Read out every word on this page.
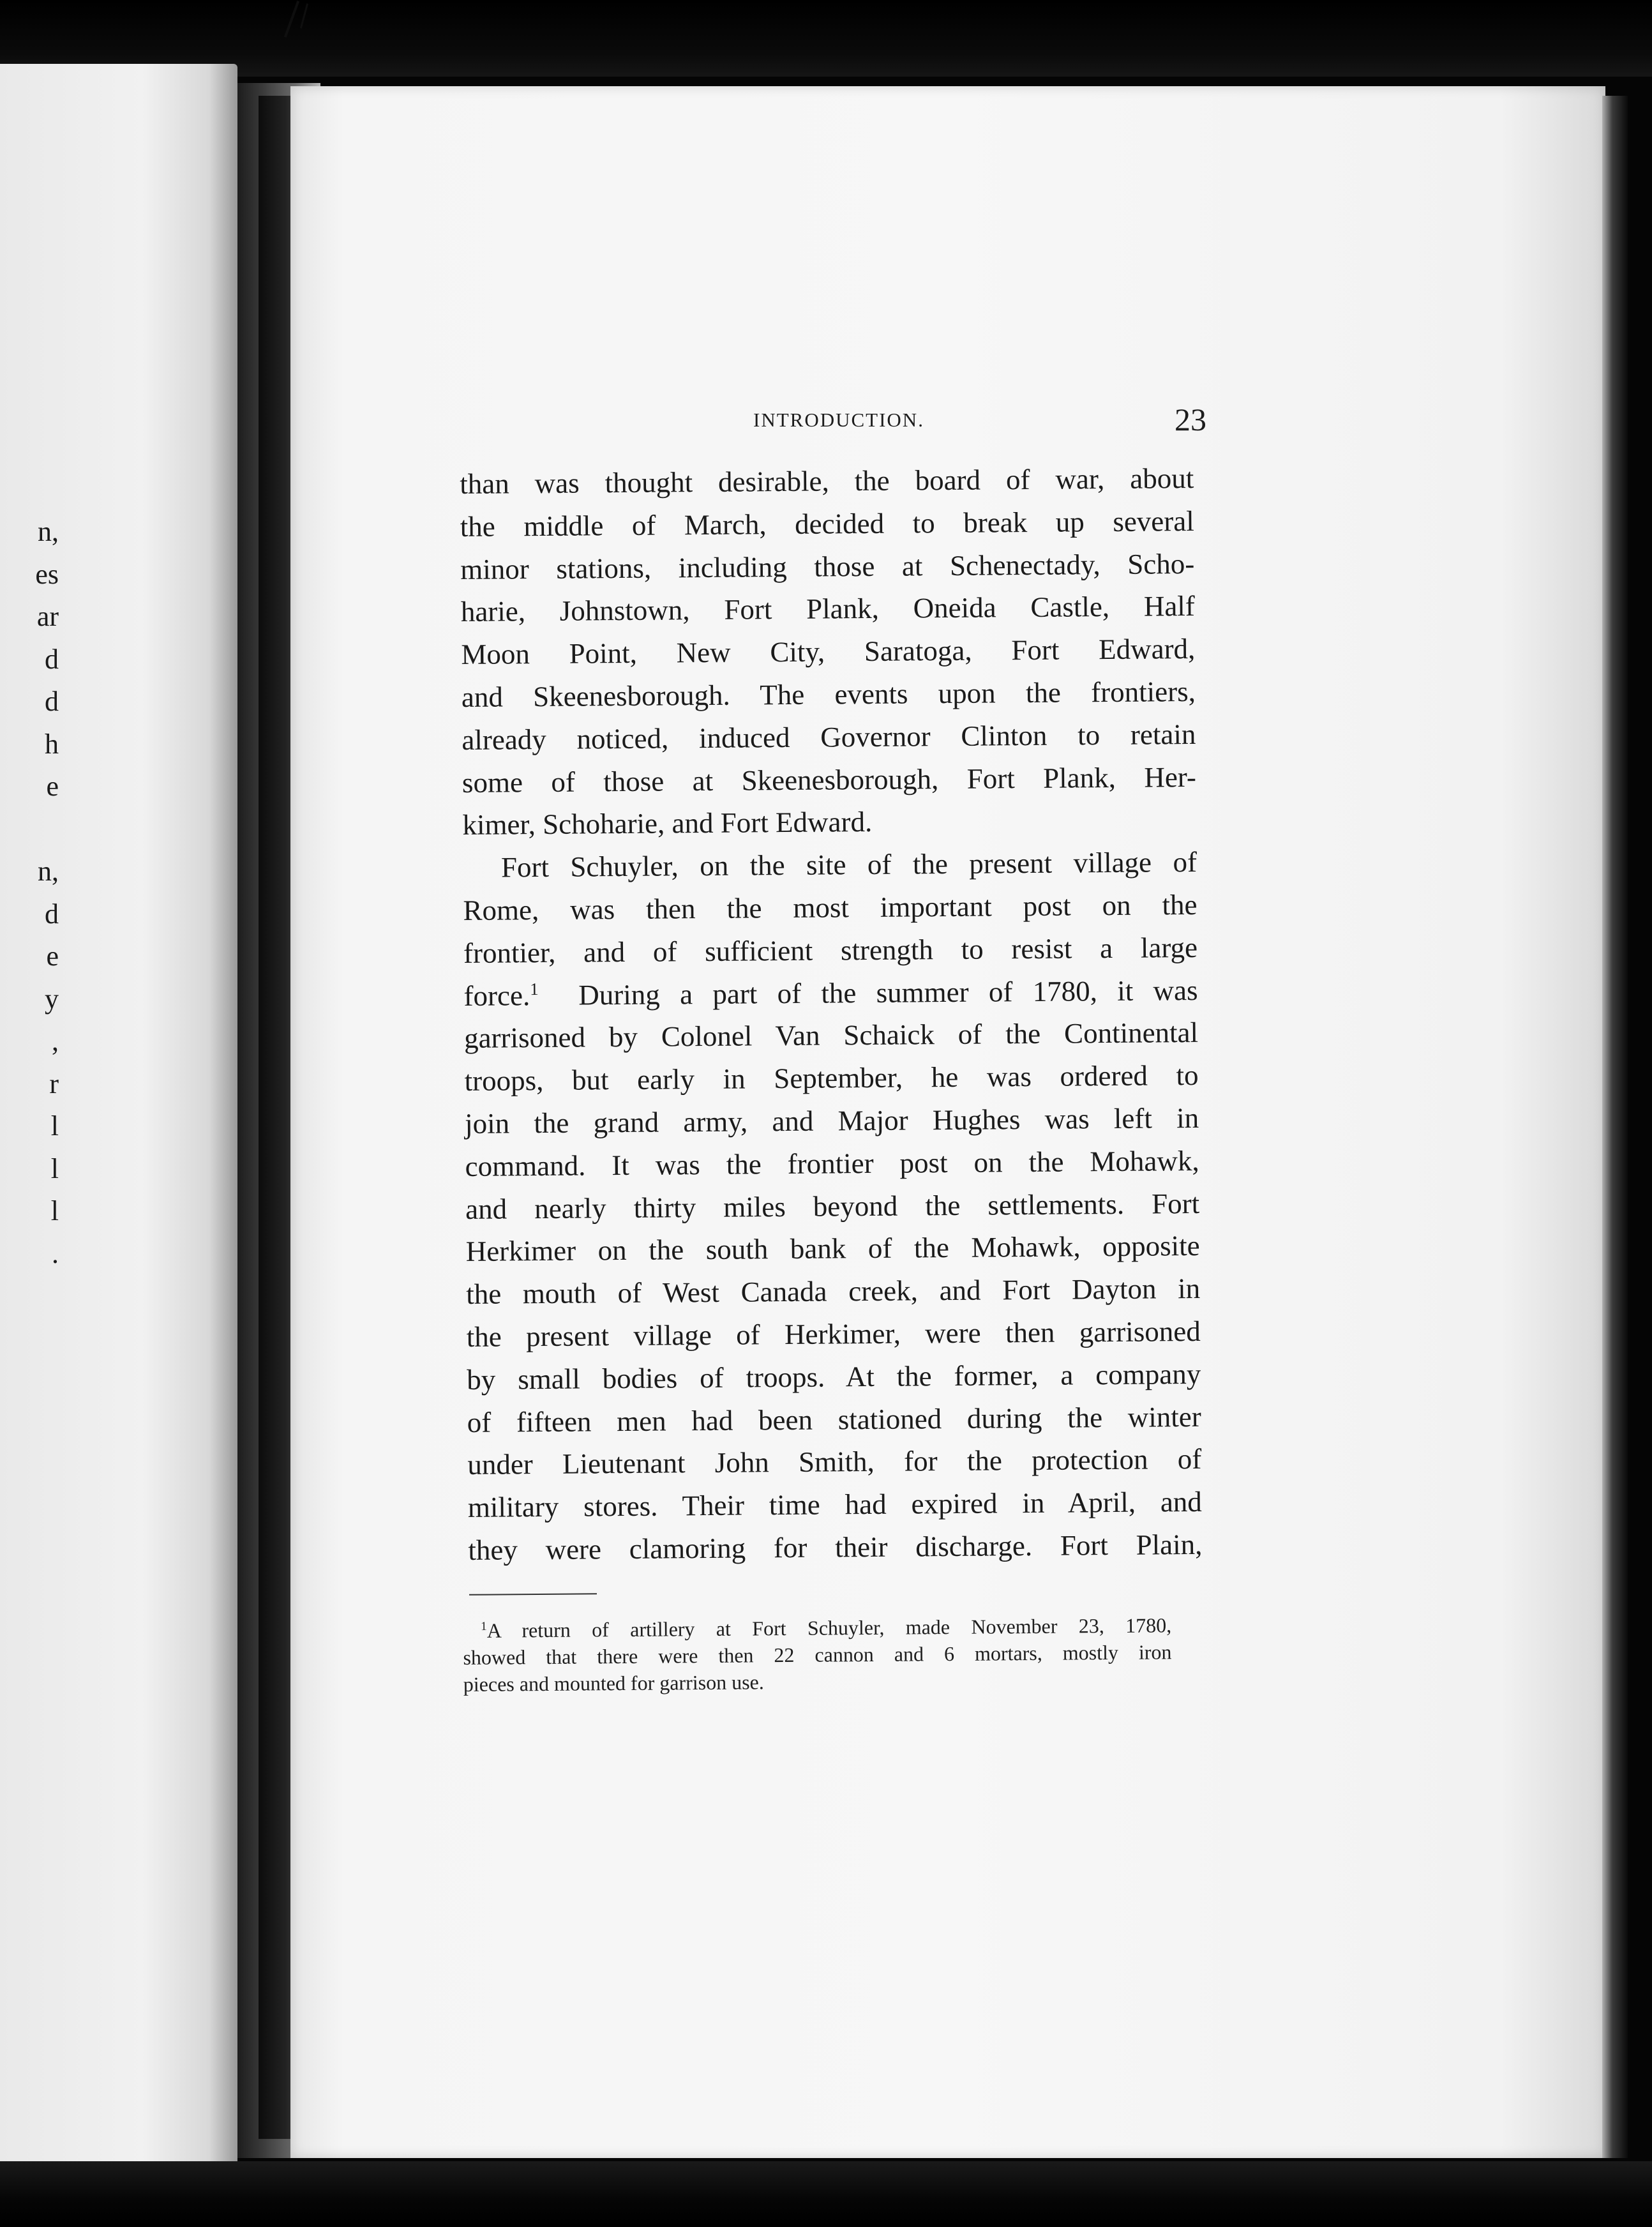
n,
es
ar
d
d
h
e
n,
d
e
y
,
r
l
l
l
.
INTRODUCTION.	23
than was thought desirable, the board of war, about
the middle of March, decided to break up several
minor stations, including those at Schenectady, Scho-
harie, Johnstown, Fort Plank, Oneida Castle, Half
Moon Point, New City, Saratoga, Fort Edward,
and Skeenesborough. The events upon the frontiers,
already noticed, induced Governor Clinton to retain
some of those at Skeenesborough, Fort Plank, Her-
kimer, Schoharie, and Fort Edward.
Fort Schuyler, on the site of the present village of
Rome, was then the most important post on the
frontier, and of sufficient strength to resist a large
force.$^1$ During a part of the summer of 1780, it was
garrisoned by Colonel Van Schaick of the Continental
troops, but early in September, he was ordered to
join the grand army, and Major Hughes was left in
command. It was the frontier post on the Mohawk,
and nearly thirty miles beyond the settlements. Fort
Herkimer on the south bank of the Mohawk, opposite
the mouth of West Canada creek, and Fort Dayton in
the present village of Herkimer, were then garrisoned
by small bodies of troops. At the former, a company
of fifteen men had been stationed during the winter
under Lieutenant John Smith, for the protection of
military stores. Their time had expired in April, and
they were clamoring for their discharge. Fort Plain,
$^1$A return of artillery at Fort Schuyler, made November 23, 1780,
showed that there were then 22 cannon and 6 mortars, mostly iron
pieces and mounted for garrison use.
